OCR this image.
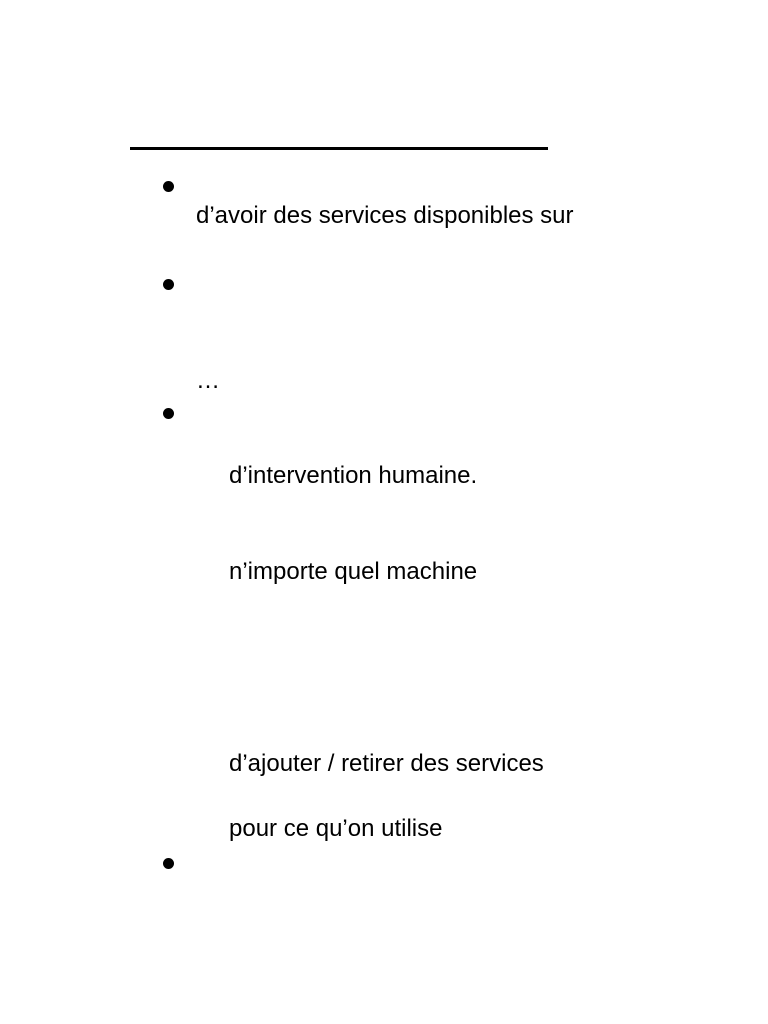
d’avoir des services disponibles sur
…
d’intervention humaine.
n’importe quel machine
d’ajouter / retirer des services
pour ce qu’on utilise
